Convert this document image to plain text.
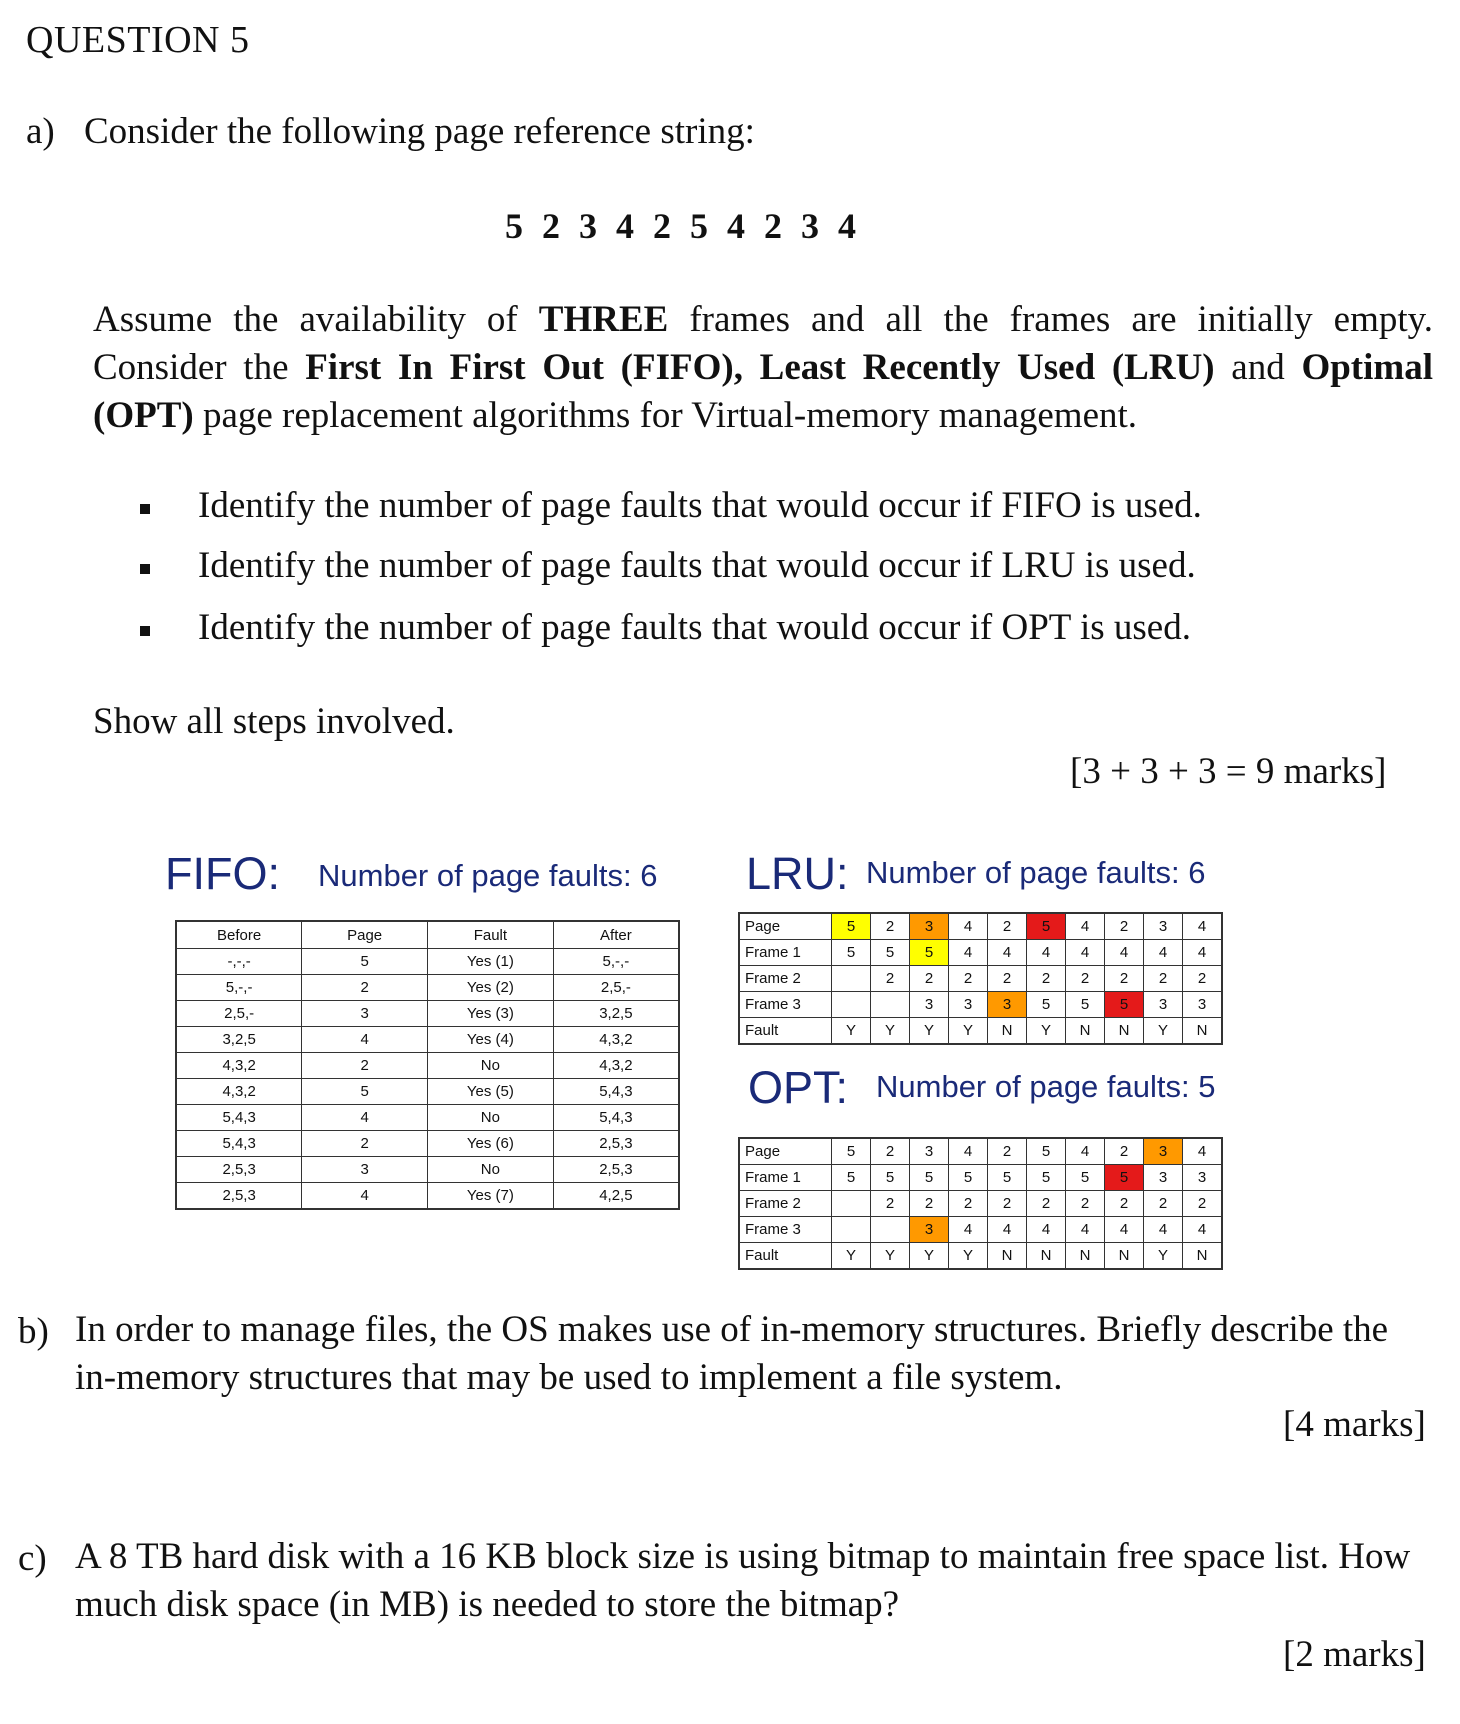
QUESTION 5
a) Consider the following page reference string:
5 2 3 4 2 5 4 2 3 4
Assume the availability of THREE frames and all the frames are initially empty. Consider the First In First Out (FIFO), Least Recently Used (LRU) and Optimal (OPT) page replacement algorithms for Virtual-memory management.
Identify the number of page faults that would occur if FIFO is used.
Identify the number of page faults that would occur if LRU is used.
Identify the number of page faults that would occur if OPT is used.
Show all steps involved.
[3 + 3 + 3 = 9 marks]
FIFO: Number of page faults: 6
Before	Page	Fault	After
-,-,-	5	Yes (1)	5,-,-
5,-,-	2	Yes (2)	2,5,-
2,5,-	3	Yes (3)	3,2,5
3,2,5	4	Yes (4)	4,3,2
4,3,2	2	No	4,3,2
4,3,2	5	Yes (5)	5,4,3
5,4,3	4	No	5,4,3
5,4,3	2	Yes (6)	2,5,3
2,5,3	3	No	2,5,3
2,5,3	4	Yes (7)	4,2,5
LRU: Number of page faults: 6
Page	5	2	3	4	2	5	4	2	3	4
Frame 1	5	5	5	4	4	4	4	4	4	4
Frame 2		2	2	2	2	2	2	2	2	2
Frame 3			3	3	3	5	5	5	3	3
Fault	Y	Y	Y	Y	N	Y	N	N	Y	N
OPT: Number of page faults: 5
Page	5	2	3	4	2	5	4	2	3	4
Frame 1	5	5	5	5	5	5	5	5	3	3
Frame 2		2	2	2	2	2	2	2	2	2
Frame 3			3	4	4	4	4	4	4	4
Fault	Y	Y	Y	Y	N	N	N	N	Y	N
b) In order to manage files, the OS makes use of in-memory structures. Briefly describe the in-memory structures that may be used to implement a file system.
[4 marks]
c) A 8 TB hard disk with a 16 KB block size is using bitmap to maintain free space list. How much disk space (in MB) is needed to store the bitmap?
[2 marks]
